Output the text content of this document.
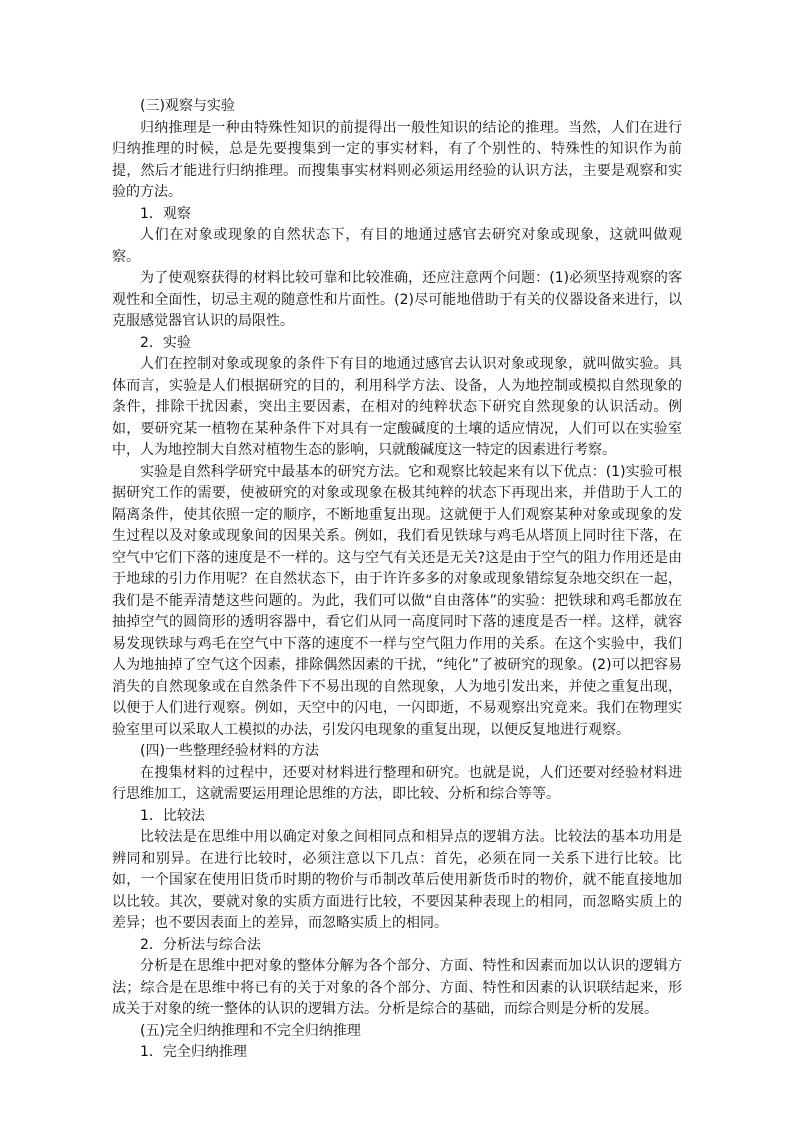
(三)观察与实验

归纳推理是一种由特殊性知识的前提得出一般性知识的结论的推理。当然，人们在进行归纳推理的时候，总是先要搜集到一定的事实材料，有了个别性的、特殊性的知识作为前提，然后才能进行归纳推理。而搜集事实材料则必须运用经验的认识方法，主要是观察和实验的方法。

1．观察

人们在对象或现象的自然状态下，有目的地通过感官去研究对象或现象，这就叫做观察。

为了使观察获得的材料比较可靠和比较准确，还应注意两个问题：(1)必须坚持观察的客观性和全面性，切忌主观的随意性和片面性。(2)尽可能地借助于有关的仪器设备来进行，以克服感觉器官认识的局限性。

2．实验

人们在控制对象或现象的条件下有目的地通过感官去认识对象或现象，就叫做实验。具体而言，实验是人们根据研究的目的，利用科学方法、设备，人为地控制或模拟自然现象的条件，排除干扰因素，突出主要因素，在相对的纯粹状态下研究自然现象的认识活动。例如，要研究某一植物在某种条件下对具有一定酸碱度的土壤的适应情况，人们可以在实验室中，人为地控制大自然对植物生态的影响，只就酸碱度这一特定的因素进行考察。

实验是自然科学研究中最基本的研究方法。它和观察比较起来有以下优点：(1)实验可根据研究工作的需要，使被研究的对象或现象在极其纯粹的状态下再现出来，并借助于人工的隔离条件，使其依照一定的顺序，不断地重复出现。这就便于人们观察某种对象或现象的发生过程以及对象或现象间的因果关系。例如，我们看见铁球与鸡毛从塔顶上同时往下落，在空气中它们下落的速度是不一样的。这与空气有关还是无关?这是由于空气的阻力作用还是由于地球的引力作用呢？在自然状态下，由于许许多多的对象或现象错综复杂地交织在一起，我们是不能弄清楚这些问题的。为此，我们可以做“自由落体”的实验：把铁球和鸡毛都放在抽掉空气的圆筒形的透明容器中，看它们从同一高度同时下落的速度是否一样。这样，就容易发现铁球与鸡毛在空气中下落的速度不一样与空气阻力作用的关系。在这个实验中，我们人为地抽掉了空气这个因素，排除偶然因素的干扰，“纯化”了被研究的现象。(2)可以把容易消失的自然现象或在自然条件下不易出现的自然现象，人为地引发出来，并使之重复出现，以便于人们进行观察。例如，天空中的闪电，一闪即逝，不易观察出究竟来。我们在物理实验室里可以采取人工模拟的办法，引发闪电现象的重复出现，以便反复地进行观察。

(四)一些整理经验材料的方法

在搜集材料的过程中，还要对材料进行整理和研究。也就是说，人们还要对经验材料进行思维加工，这就需要运用理论思维的方法，即比较、分析和综合等等。

1．比较法

比较法是在思维中用以确定对象之间相同点和相异点的逻辑方法。比较法的基本功用是辨同和别异。在进行比较时，必须注意以下几点：首先，必须在同一关系下进行比较。比如，一个国家在使用旧货币时期的物价与币制改革后使用新货币时的物价，就不能直接地加以比较。其次，要就对象的实质方面进行比较，不要因某种表现上的相同，而忽略实质上的差异；也不要因表面上的差异，而忽略实质上的相同。

2．分析法与综合法

分析是在思维中把对象的整体分解为各个部分、方面、特性和因素而加以认识的逻辑方法；综合是在思维中将已有的关于对象的各个部分、方面、特性和因素的认识联结起来，形成关于对象的统一整体的认识的逻辑方法。分析是综合的基础，而综合则是分析的发展。

(五)完全归纳推理和不完全归纳推理
1．完全归纳推理
